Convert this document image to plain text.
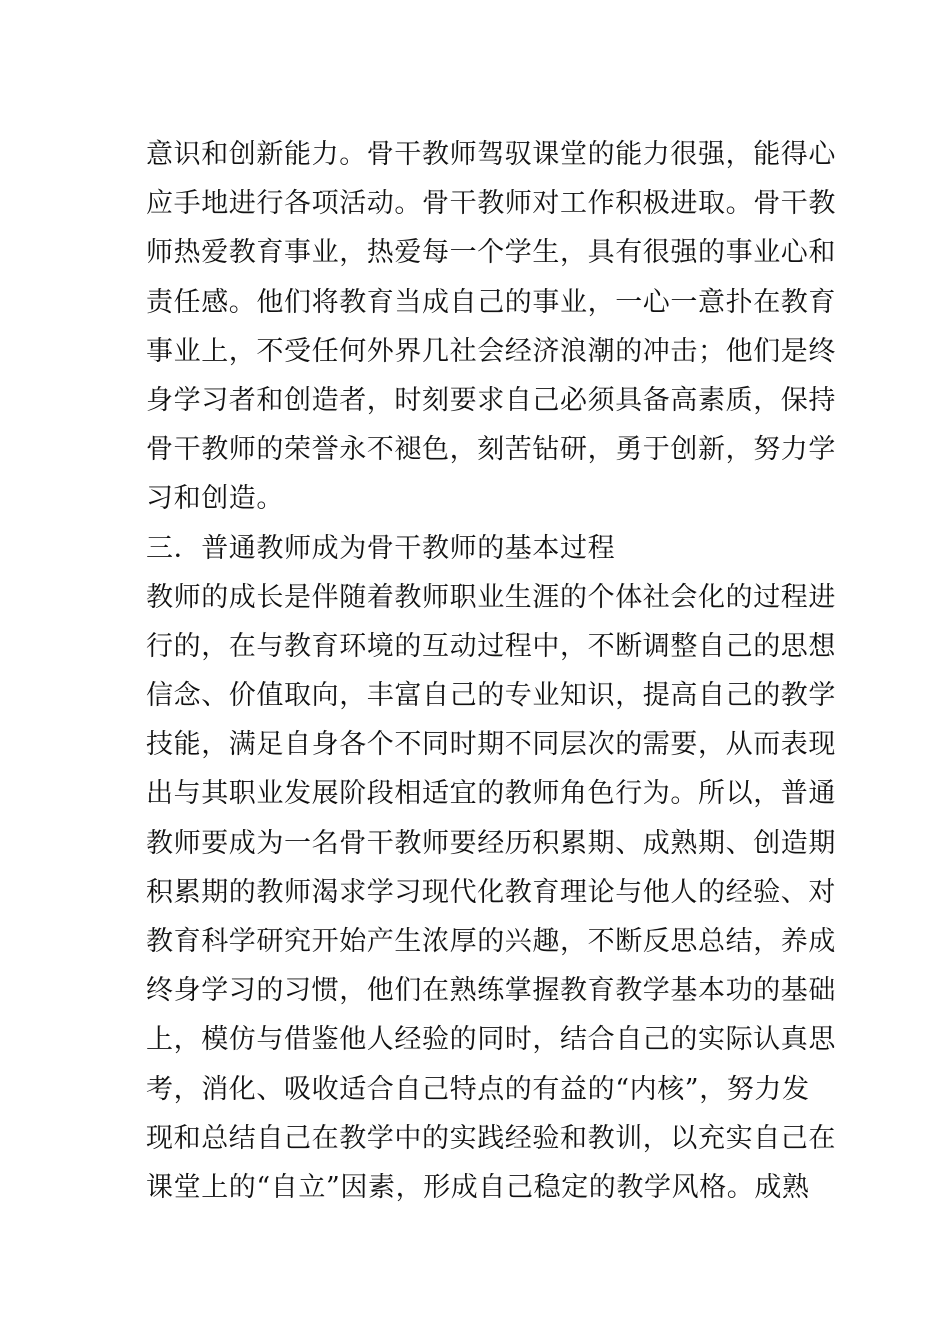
意识和创新能力。骨干教师驾驭课堂的能力很强，能得心
应手地进行各项活动。骨干教师对工作积极进取。骨干教
师热爱教育事业，热爱每一个学生，具有很强的事业心和
责任感。他们将教育当成自己的事业，一心一意扑在教育
事业上，不受任何外界几社会经济浪潮的冲击；他们是终
身学习者和创造者，时刻要求自己必须具备高素质，保持
骨干教师的荣誉永不褪色，刻苦钻研，勇于创新，努力学
习和创造。
三．普通教师成为骨干教师的基本过程
教师的成长是伴随着教师职业生涯的个体社会化的过程进
行的，在与教育环境的互动过程中，不断调整自己的思想
信念、价值取向，丰富自己的专业知识，提高自己的教学
技能，满足自身各个不同时期不同层次的需要，从而表现
出与其职业发展阶段相适宜的教师角色行为。所以，普通
教师要成为一名骨干教师要经历积累期、成熟期、创造期
积累期的教师渴求学习现代化教育理论与他人的经验、对
教育科学研究开始产生浓厚的兴趣，不断反思总结，养成
终身学习的习惯，他们在熟练掌握教育教学基本功的基础
上，模仿与借鉴他人经验的同时，结合自己的实际认真思
考，消化、吸收适合自己特点的有益的“内核”，努力发
现和总结自己在教学中的实践经验和教训，以充实自己在
课堂上的“自立”因素，形成自己稳定的教学风格。成熟
